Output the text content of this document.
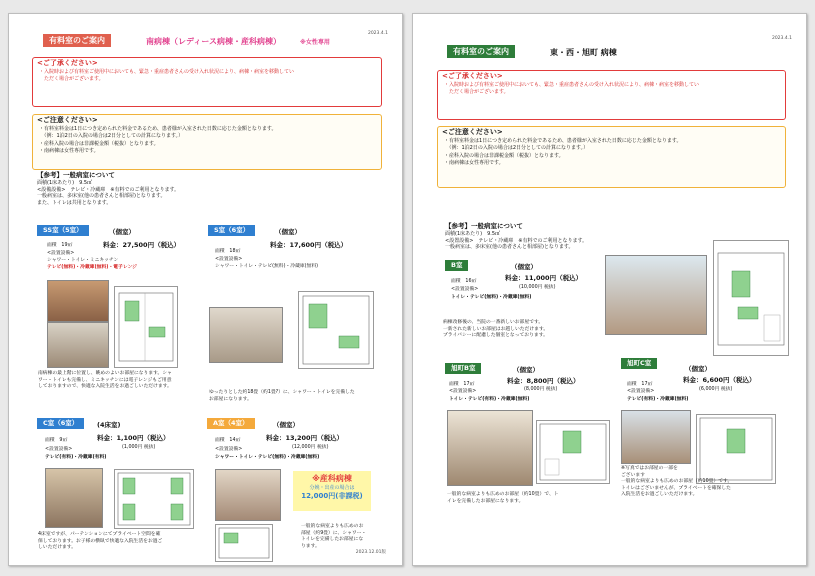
2023.4.1
有料室のご案内	南病棟（レディース病棟・産科病棟）	※女性専用
<ご了承ください>
・入院時および有料室ご使用中においても、緊急・重症患者さんの受け入れ状況により、病棟・病室を移動してい
　ただく場合がございます。
<ご注意ください>
・有料室料金は1日につき定められた料金であるため、患者様が入室された日数に応じた金額となります。
　（例：1泊2日の入院の場合は2日分としての計算になります。）
・産科入院の場合は非課税金額（税抜）となります。
・南病棟は女性専用です。
【参考】一般病室について
面積(1床あたり)　9.5㎡
<設備設備>　テレビ・冷蔵庫　※有料でのご利用となります。
一般病室は、多床室(他の患者さんと相部屋)となります。
また、トイレは共用となります。
SS室（5室）	（個室）
面積　19㎡	料金：27,500円（税込）
<設置設備>
シャワー・トイレ・ミニキッチン
テレビ(無料)・冷蔵庫(無料)・電子レンジ
南病棟の最上階に位置し、眺めのよいお部屋になります。シャ
ワー・トイレも完備し、ミニキッチンには電子レンジもご用意
しておりますので、快適な入院生活をお過ごしいただけます。
S室（6室）	（個室）
面積　18㎡
料金：17,600円（税込）
<設置設備>
シャワー・トイレ・テレビ(無料)・冷蔵庫(無料)
ゆったりとした約18畳（約1畳?）に、シャワー・トイレを完備した
お部屋になります。
C室（6室）	(4床室)
面積　9㎡	料金：1,100円（税込）
(1,000円 税抜)
<設置設備>
テレビ(有料)・冷蔵庫(有料)
4床室ですが、パーテンションにてプライベート空間を確
保しております。お子様の横臥で快適な入院生活をお過ご
しいただけます。
A室（4室）	（個室）
面積　14㎡	料金：13,200円（税込）
(12,000円 税抜)
<設置設備>
シャワー・トイレ・テレビ(無料)・冷蔵庫(無料)
※産科病棟
分娩・出産の場合は
12,000円(非課税)
一般的な病室よりも広めのお
部屋（約9畳）に、シャワー・
トイレを完備したお部屋にな
ります。
2023.12.01版
2023.4.1
有料室のご案内	東・西・旭町 病棟
<ご了承ください>
・入院時および有料室ご使用中においても、緊急・重症患者さんの受け入れ状況により、病棟・病室を移動してい
　ただく場合がございます。
<ご注意ください>
・有料室料金は1日につき定められた料金であるため、患者様が入室された日数に応じた金額となります。
　（例：1泊2日の入院の場合は2日分としての計算になります。）
・産科入院の場合は非課税金額（税抜）となります。
・南病棟は女性専用です。
【参考】一般病室について
面積(1床あたり)　9.5㎡
<設置設備>　テレビ・冷蔵庫　※有料でのご利用となります。
一般病室は、多床室(他の患者さんと相部屋)となります。
B室	（個室）
面積　16㎡	料金：11,000円（税込）
(10,000円 税抜)
<設置設備>
トイレ・テレビ(無料)・冷蔵庫(無料)
病棟改修後の、当院の一番新しいお部屋です。
一新された新しいお部屋はお越しいただけます。
プライバシーに配慮した個室となっております。
旭町B室	（個室）
面積　17㎡	料金：8,800円（税込）
(8,000円 税抜)
<設置設備>
トイレ・テレビ(有料)・冷蔵庫(無料)
一般的な病室よりも広めのお部屋（約10畳）で、ト
イレを完備したお部屋になります。
旭町C室
（個室）
面積　17㎡
料金：6,600円（税込）
(6,000円 税抜)
<設置設備>
テレビ(有料)・冷蔵庫(無料)
※写真ではお部屋の一部を
ございます
一般的な病室よりも広めのお部屋（約10畳）です。
トイレはございませんが、プライベートを確保した
入院生活をお過ごしいただけます。
